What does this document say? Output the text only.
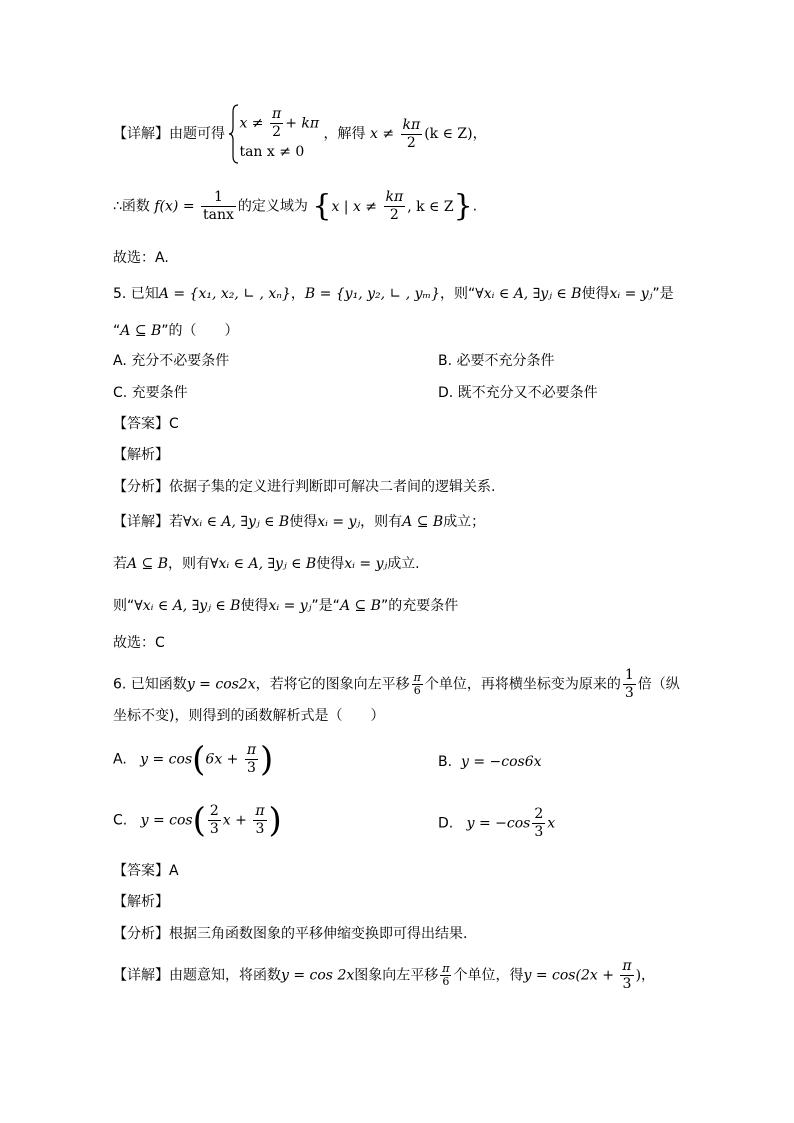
【详解】由题可得
$x \ne \frac{\pi}{2} + k\pi$
tan x ≠ 0
，解得 $x \ne \frac{k\pi}{2} (k$ ∈ Z)，
∴函数 $f(x) = \frac{1}{\tan x}$ 的定义域为 {x | $x \ne \frac{k\pi}{2}$ , k ∈ Z}.
故选：A.
5. 已知A = {x₁, x₂, ∟ , xₙ}，B = {y₁, y₂, ∟ , yₘ}，则“∀xᵢ ∈ A, ∃yⱼ ∈ B使得xᵢ = yⱼ”是
“A ⊆ B”的（　　）
A. 充分不必要条件	B. 必要不充分条件
C. 充要条件	D. 既不充分又不必要条件
【答案】C
【解析】
【分析】依据子集的定义进行判断即可解决二者间的逻辑关系.
【详解】若∀xᵢ ∈ A, ∃yⱼ ∈ B使得xᵢ = yⱼ，则有A ⊆ B成立；
若A ⊆ B，则有∀xᵢ ∈ A, ∃yⱼ ∈ B使得xᵢ = yⱼ成立.
则“∀xᵢ ∈ A, ∃yⱼ ∈ B使得xᵢ = yⱼ”是“A ⊆ B”的充要条件
故选：C
6. 已知函数y = cos2x，若将它的图象向左平移 $\frac{\pi}{6}$ 个单位，再将横坐标变为原来的 $\frac{1}{3}$ 倍（纵
坐标不变)，则得到的函数解析式是（　　）
A. $y = \cos(6x + \frac{\pi}{3}$ )	B. y = −cos6x
C. $y = \cos( \frac{2}{3}$ $x + \frac{\pi}{3}$ )	D. $y = -\cos \frac{2}{3}$ x
【答案】A
【解析】
【分析】根据三角函数图象的平移伸缩变换即可得出结果.
【详解】由题意知，将函数y = cos 2x图象向左平移 $\frac{\pi}{6}$ 个单位，得$y = \cos(2x + \frac{\pi}{3}$ )，
